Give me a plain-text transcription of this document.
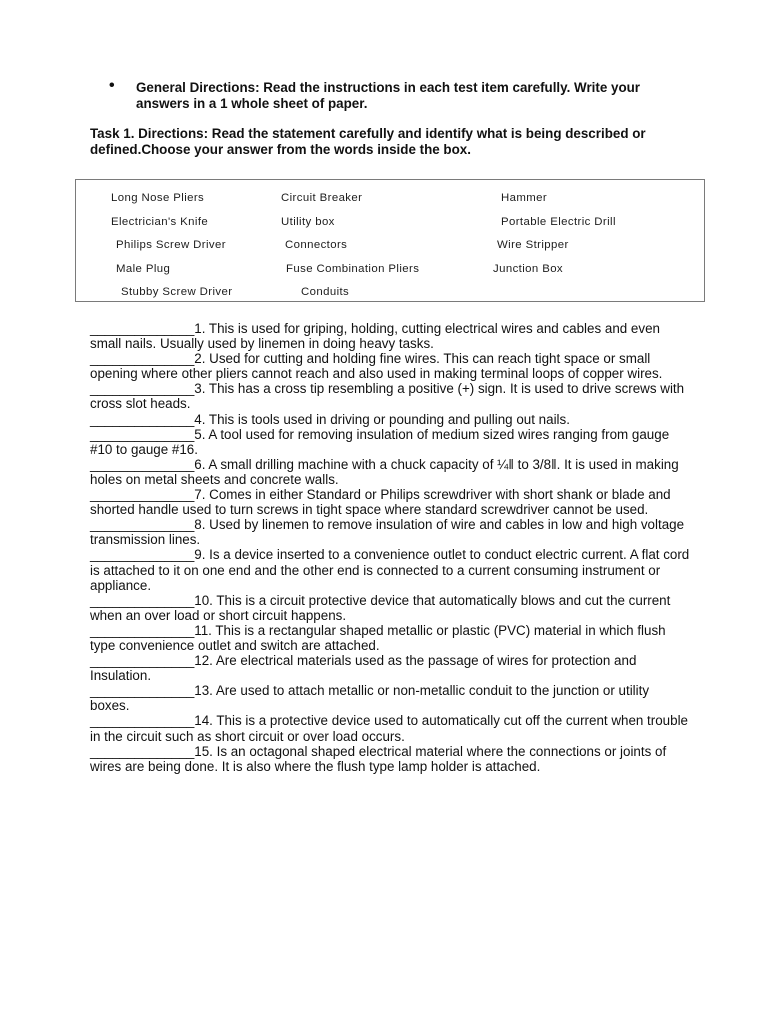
•	General Directions: Read the instructions in each test item carefully. Write your answers in a 1 whole sheet of paper.
Task 1. Directions: Read the statement carefully and identify what is being described or defined.Choose your answer from the words inside the box.
Long Nose Pliers	Circuit Breaker	Hammer
Electrician's Knife	Utility box	Portable Electric Drill
Philips Screw Driver	Connectors	Wire Stripper
Male Plug	Fuse Combination Pliers	Junction Box
Stubby Screw Driver	Conduits

______________1. This is used for griping, holding, cutting electrical wires and cables and even small nails. Usually used by linemen in doing heavy tasks.

______________2. Used for cutting and holding fine wires. This can reach tight space or small opening where other pliers cannot reach and also used in making terminal loops of copper wires.

______________3. This has a cross tip resembling a positive (+) sign. It is used to drive screws with cross slot heads.

______________4. This is tools used in driving or pounding and pulling out nails.

______________5. A tool used for removing insulation of medium sized wires ranging from gauge #10 to gauge #16.

______________6. A small drilling machine with a chuck capacity of ¼‖ to 3/8‖. It is used in making holes on metal sheets and concrete walls.

______________7. Comes in either Standard or Philips screwdriver with short shank or blade and shorted handle used to turn screws in tight space where standard screwdriver cannot be used.

______________8. Used by linemen to remove insulation of wire and cables in low and high voltage transmission lines.

______________9. Is a device inserted to a convenience outlet to conduct electric current. A flat cord is attached to it on one end and the other end is connected to a current consuming instrument or appliance.

______________10. This is a circuit protective device that automatically blows and cut the current when an over load or short circuit happens.

______________11. This is a rectangular shaped metallic or plastic (PVC) material in which flush type convenience outlet and switch are attached.

______________12. Are electrical materials used as the passage of wires for protection and Insulation.

______________13. Are used to attach metallic or non-metallic conduit to the junction or utility boxes.

______________14. This is a protective device used to automatically cut off the current when trouble in the circuit such as short circuit or over load occurs.

______________15. Is an octagonal shaped electrical material where the connections or joints of wires are being done. It is also where the flush type lamp holder is attached.
